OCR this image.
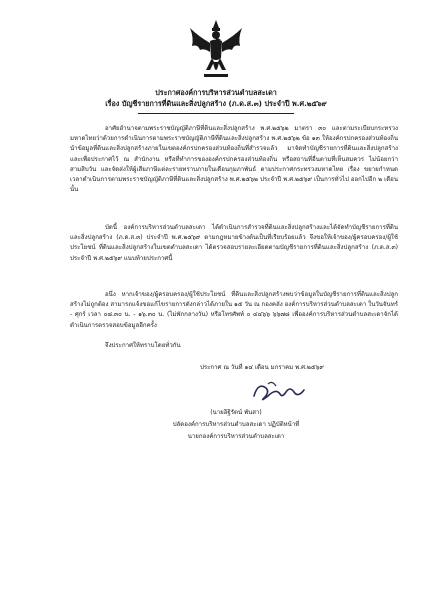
ประกาศองค์การบริหารส่วนตำบลสะเดา
เรื่อง บัญชีรายการที่ดินและสิ่งปลูกสร้าง (ภ.ด.ส.๓) ประจำปี พ.ศ.๒๕๖๙
อาศัยอำนาจตามพระราชบัญญัติภาษีที่ดินและสิ่งปลูกสร้าง พ.ศ.๒๕๖๒ มาตรา ๓๐ และตามระเบียบกระทรวงมหาดไทยว่าด้วยการดำเนินการตามพระราชบัญญัติภาษีที่ดินและสิ่งปลูกสร้าง พ.ศ.๒๕๖๒ ข้อ ๑๓ ให้องค์กรปกครองส่วนท้องถิ่น นำข้อมูลที่ดินและสิ่งปลูกสร้างภายในเขตองค์กรปกครองส่วนท้องถิ่นที่สำรวจแล้ว มาจัดทำบัญชีรายการที่ดินและสิ่งปลูกสร้าง และเพื่อประกาศไว้ ณ สำนักงาน หรือที่ทำการขององค์กรปกครองส่วนท้องถิ่น หรือสถานที่อื่นตามที่เห็นสมควร ไม่น้อยกว่าสามสิบวัน และจัดส่งให้ผู้เสียภาษีแต่ละรายทราบภายในเดือนกุมภาพันธ์ ตามประกาศกระทรวงมหาดไทย เรื่อง ขยายกำหนดเวลาดำเนินการตามพระราชบัญญัติภาษีที่ดินและสิ่งปลูกสร้าง พ.ศ.๒๕๖๒ ประจำปี พ.ศ.๒๕๖๙ เป็นการทั่วไป ออกไปอีก ๒ เดือนนั้น
บัดนี้ องค์การบริหารส่วนตำบลสะเดา ได้ดำเนินการสำรวจที่ดินและสิ่งปลูกสร้างและได้จัดทำบัญชีรายการที่ดินและสิ่งปลูกสร้าง (ภ.ด.ส.๓) ประจำปี พ.ศ.๒๕๖๙ ตามกฎหมายข้างต้นเป็นที่เรียบร้อยแล้ว จึงขอให้เจ้าของ/ผู้ครอบครอง/ผู้ใช้ประโยชน์ ที่ดินและสิ่งปลูกสร้างในเขตตำบลสะเดา ได้ตรวจสอบรายละเอียดตามบัญชีรายการที่ดินและสิ่งปลูกสร้าง (ภ.ด.ส.๓) ประจำปี พ.ศ.๒๕๖๙ แนบท้ายประกาศนี้
อนึ่ง หากเจ้าของ/ผู้ครอบครอง/ผู้ใช้ประโยชน์ ที่ดินและสิ่งปลูกสร้างพบว่าข้อมูลในบัญชีรายการที่ดินและสิ่งปลูกสร้างไม่ถูกต้อง สามารถแจ้งขอแก้ไขรายการดังกล่าวได้ภายใน ๑๕ วัน ณ กองคลัง องค์การบริหารส่วนตำบลสะเดา ในวันจันทร์ - ศุกร์ เวลา ๐๘.๓๐ น. - ๑๖.๓๐ น. (ไม่พักกลางวัน) หรือโทรศัพท์ ๐ ๔๔๖๖ ๖๖๗๘ เพื่อองค์การบริหารส่วนตำบลสะเดาจักได้ดำเนินการตรวจสอบข้อมูลอีกครั้ง
จึงประกาศให้ทราบโดยทั่วกัน
ประกาศ ณ วันที่ ๑๔ เดือน มกราคม พ.ศ.๒๕๖๙
(นายอิฐิรัตน์ พันสา)
ปลัดองค์การบริหารส่วนตำบลสะเดา ปฏิบัติหน้าที่
นายกองค์การบริหารส่วนตำบลสะเดา
